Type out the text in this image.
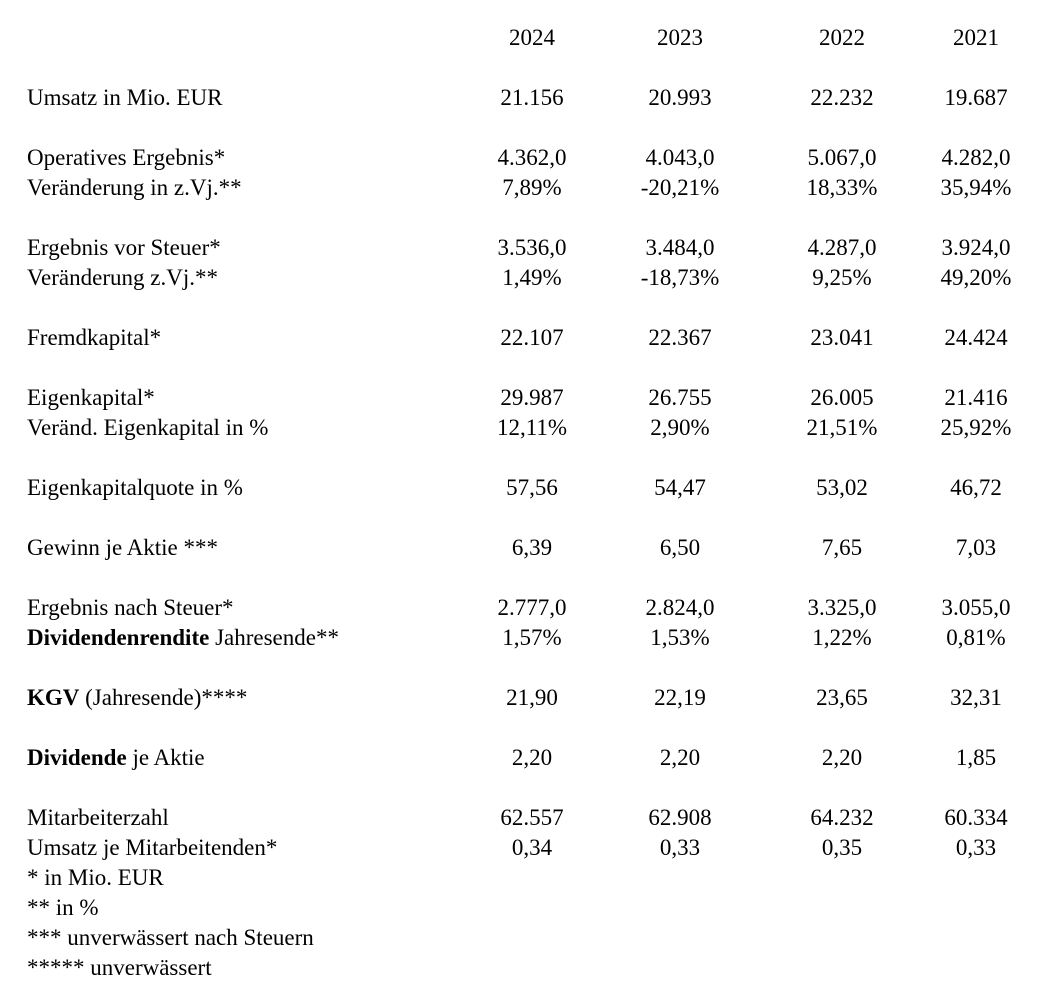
2024	2023	2022	2021
Umsatz in Mio. EUR	21.156	20.993	22.232	19.687
Operatives Ergebnis*	4.362,0	4.043,0	5.067,0	4.282,0
Veränderung in z.Vj.**	7,89%	-20,21%	18,33%	35,94%
Ergebnis vor Steuer*	3.536,0	3.484,0	4.287,0	3.924,0
Veränderung z.Vj.**	1,49%	-18,73%	9,25%	49,20%
Fremdkapital*	22.107	22.367	23.041	24.424
Eigenkapital*	29.987	26.755	26.005	21.416
Veränd. Eigenkapital in %	12,11%	2,90%	21,51%	25,92%
Eigenkapitalquote in %	57,56	54,47	53,02	46,72
Gewinn je Aktie ***	6,39	6,50	7,65	7,03
Ergebnis nach Steuer*	2.777,0	2.824,0	3.325,0	3.055,0
Dividendenrendite Jahresende**	1,57%	1,53%	1,22%	0,81%
KGV (Jahresende)****	21,90	22,19	23,65	32,31
Dividende je Aktie	2,20	2,20	2,20	1,85
Mitarbeiterzahl	62.557	62.908	64.232	60.334
Umsatz je Mitarbeitenden*	0,34	0,33	0,35	0,33
* in Mio. EUR
** in %
*** unverwässert nach Steuern
***** unverwässert
